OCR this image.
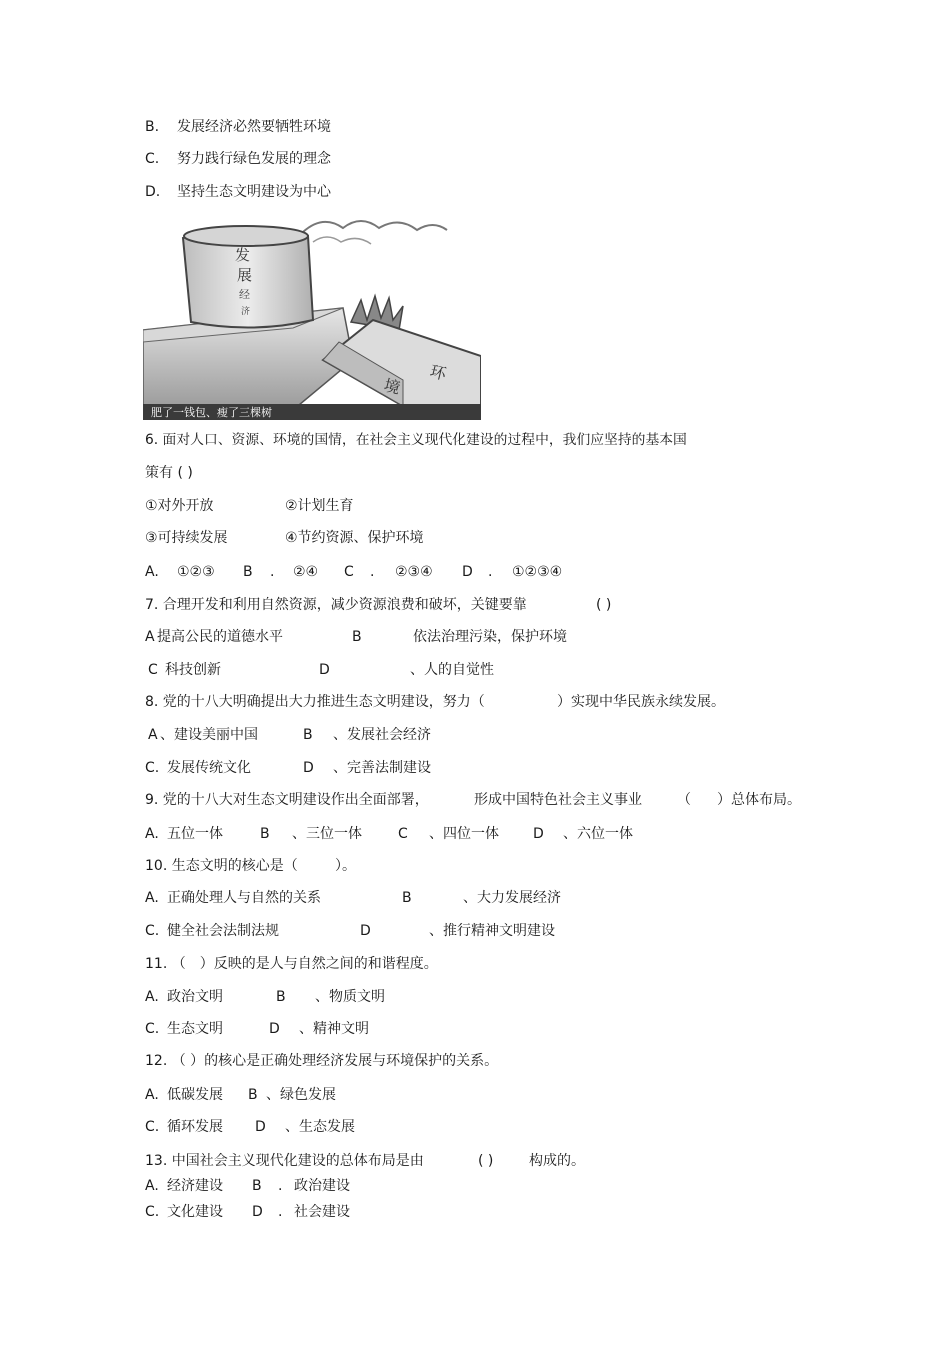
B. 发展经济必然要牺牲环境
C. 努力践行绿色发展的理念
D. 坚持生态文明建设为中心
发
展
经
济
环
境
肥了一钱包、瘦了三棵树
6. 面对人口、资源、环境的国情，在社会主义现代化建设的过程中，我们应坚持的基本国
策有 ( )
①对外开放	②计划生育
③可持续发展	④节约资源、保护环境
A. ①②③ B . ②④ C . ②③④ D . ①②③④
7. 合理开发和利用自然资源，减少资源浪费和破坏，关键要靠	( )
A 提高公民的道德水平	B	依法治理污染，保护环境
C 科技创新	D	、人的自觉性
8. 党的十八大明确提出大力推进生态文明建设，努力（	）实现中华民族永续发展。
A 、建设美丽中国	B 、发展社会经济
C. 发展传统文化	D 、完善法制建设
9. 党的十八大对生态文明建设作出全面部署，	形成中国特色社会主义事业	（ ）总体布局。
A. 五位一体	B 、三位一体	C 、四位一体 D 、六位一体
10. 生态文明的核心是（	）。
A. 正确处理人与自然的关系	B	、大力发展经济
C. 健全社会法制法规	D	、推行精神文明建设
11. （　）反映的是人与自然之间的和谐程度。
A. 政治文明	B 、物质文明
C. 生态文明	D 、精神文明
12. （ ）的核心是正确处理经济发展与环境保护的关系。
A. 低碳发展 B 、绿色发展
C. 循环发展 D 、生态发展
13. 中国社会主义现代化建设的总体布局是由	( )	构成的。
A. 经济建设 B . 政治建设
C. 文化建设 D . 社会建设
